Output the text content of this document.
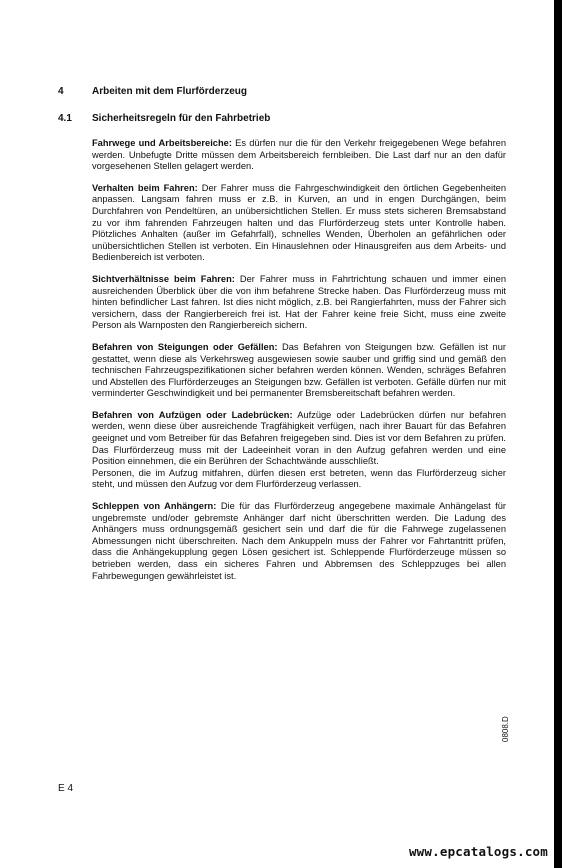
4	Arbeiten mit dem Flurförderzeug
4.1 Sicherheitsregeln für den Fahrbetrieb

Fahrwege und Arbeitsbereiche: Es dürfen nur die für den Verkehr freigegebenen Wege befahren werden. Unbefugte Dritte müssen dem Arbeitsbereich fernbleiben. Die Last darf nur an den dafür vorgesehenen Stellen gelagert werden.

Verhalten beim Fahren: Der Fahrer muss die Fahrgeschwindigkeit den örtlichen Gegebenheiten anpassen. Langsam fahren muss er z.B. in Kurven, an und in engen Durchgängen, beim Durchfahren von Pendeltüren, an unübersichtlichen Stellen. Er muss stets sicheren Bremsabstand zu vor ihm fahrenden Fahrzeugen halten und das Flurförderzeug stets unter Kontrolle haben. Plötzliches Anhalten (außer im Gefahrfall), schnelles Wenden, Überholen an gefährlichen oder unübersichtlichen Stellen ist verboten. Ein Hinauslehnen oder Hinausgreifen aus dem Arbeits- und Bedienbereich ist verboten.

Sichtverhältnisse beim Fahren: Der Fahrer muss in Fahrtrichtung schauen und immer einen ausreichenden Überblick über die von ihm befahrene Strecke haben. Das Flurförderzeug muss mit hinten befindlicher Last fahren. Ist dies nicht möglich, z.B. bei Rangierfahrten, muss der Fahrer sich versichern, dass der Rangierbereich frei ist. Hat der Fahrer keine freie Sicht, muss eine zweite Person als Warnposten den Rangierbereich sichern.

Befahren von Steigungen oder Gefällen: Das Befahren von Steigungen bzw. Gefällen ist nur gestattet, wenn diese als Verkehrsweg ausgewiesen sowie sauber und griffig sind und gemäß den technischen Fahrzeugspezifikationen sicher befahren werden können. Wenden, schräges Befahren und Abstellen des Flurförderzeuges an Steigungen bzw. Gefällen ist verboten. Gefälle dürfen nur mit verminderter Geschwindigkeit und bei permanenter Bremsbereitschaft befahren werden.

Befahren von Aufzügen oder Ladebrücken: Aufzüge oder Ladebrücken dürfen nur befahren werden, wenn diese über ausreichende Tragfähigkeit verfügen, nach ihrer Bauart für das Befahren geeignet und vom Betreiber für das Befahren freigegeben sind. Dies ist vor dem Befahren zu prüfen. Das Flurförderzeug muss mit der Ladeeinheit voran in den Aufzug gefahren werden und eine Position einnehmen, die ein Berühren der Schachtwände ausschließt.
Personen, die im Aufzug mitfahren, dürfen diesen erst betreten, wenn das Flurförderzeug sicher steht, und müssen den Aufzug vor dem Flurförderzeug verlassen.

Schleppen von Anhängern: Die für das Flurförderzeug angegebene maximale Anhängelast für ungebremste und/oder gebremste Anhänger darf nicht überschritten werden. Die Ladung des Anhängers muss ordnungsgemäß gesichert sein und darf die für die Fahrwege zugelassenen Abmessungen nicht überschreiten. Nach dem Ankuppeln muss der Fahrer vor Fahrtantritt prüfen, dass die Anhängekupplung gegen Lösen gesichert ist. Schleppende Flurförderzeuge müssen so betrieben werden, dass ein sicheres Fahren und Abbremsen des Schleppzuges bei allen Fahrbewegungen gewährleistet ist.

0808.D
E 4
www.epcatalogs.com
